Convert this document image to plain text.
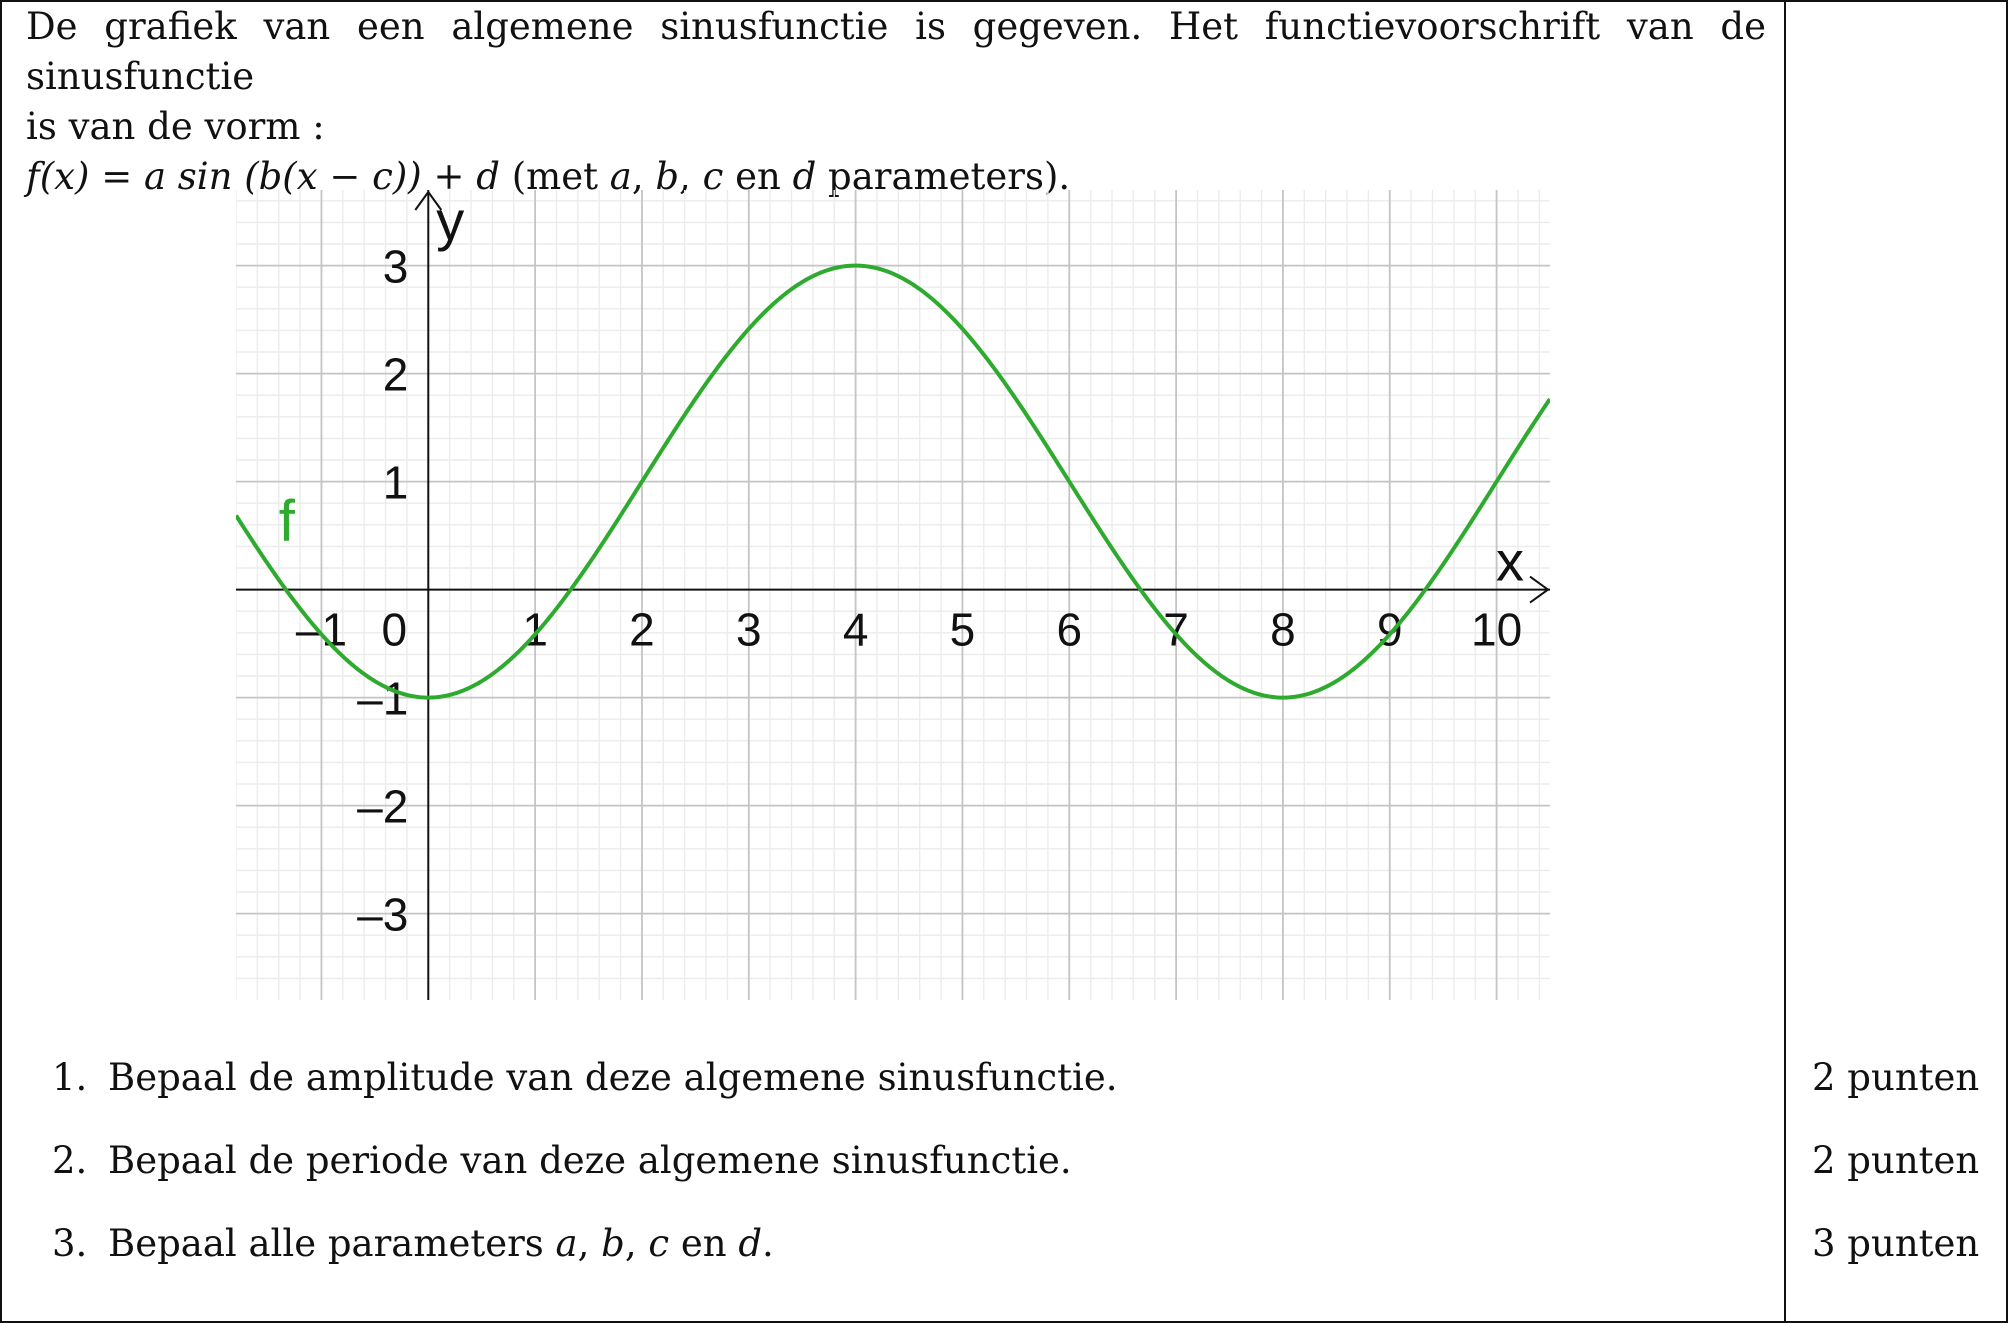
De grafiek van een algemene sinusfunctie is gegeven. Het functievoorschrift van de sinusfunctie

is van de vorm :

f(x) = a sin (b(x − c)) + d (met a, b, c en d parameters).

x
y
–1 0	1 2 3 4 5 6 7 8 9 10
3
2
1
–1
–2
–3
f
1. Bepaal de amplitude van deze algemene sinusfunctie.	2 punten
2. Bepaal de periode van deze algemene sinusfunctie.	2 punten
3. Bepaal alle parameters a, b, c en d.	3 punten
